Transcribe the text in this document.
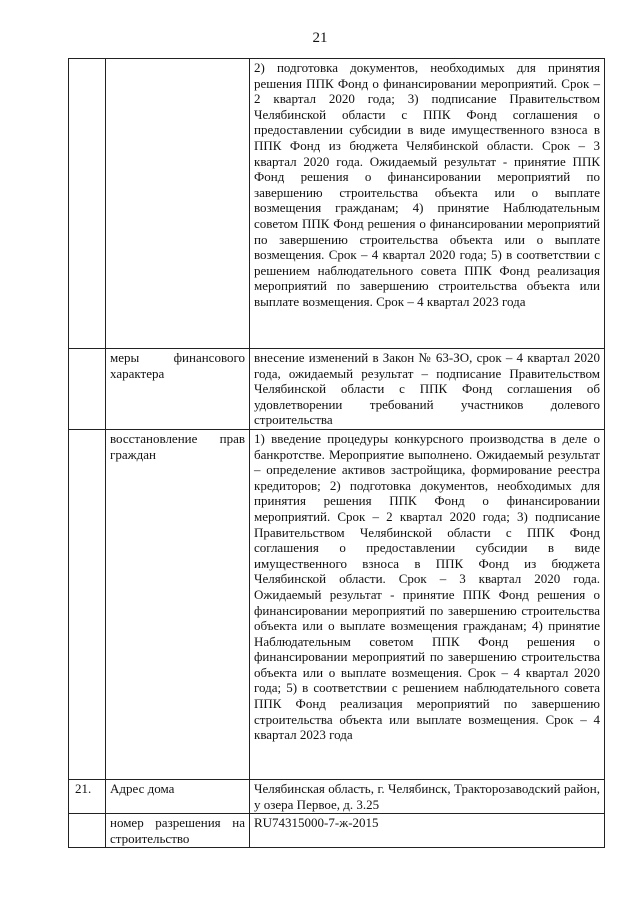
21
		2) подготовка документов, необходимых для принятия решения ППК Фонд о финансировании мероприятий. Срок – 2 квартал 2020 года; 3) подписание Правительством Челябинской области с ППК Фонд соглашения о предоставлении субсидии в виде имущественного взноса в ППК Фонд из бюджета Челябинской области. Срок – 3 квартал 2020 года. Ожидаемый результат - принятие ППК Фонд решения о финансировании мероприятий по завершению строительства объекта или о выплате возмещения гражданам; 4) принятие Наблюдательным советом ППК Фонд решения о финансировании мероприятий по завершению строительства объекта или о выплате возмещения. Срок – 4 квартал 2020 года; 5) в соответствии с решением наблюдательного совета ППК Фонд реализация мероприятий по завершению строительства объекта или выплате возмещения. Срок – 4 квартал 2023 года
	меры финансового характера	внесение изменений в Закон № 63-ЗО, срок – 4 квартал 2020 года, ожидаемый результат – подписание Правительством Челябинской области с ППК Фонд соглашения об удовлетворении требований участников долевого строительства
	восстановление прав граждан	1) введение процедуры конкурсного производства в деле о банкротстве. Мероприятие выполнено. Ожидаемый результат – определение активов застройщика, формирование реестра кредиторов; 2) подготовка документов, необходимых для принятия решения ППК Фонд о финансировании мероприятий. Срок – 2 квартал 2020 года; 3) подписание Правительством Челябинской области с ППК Фонд соглашения о предоставлении субсидии в виде имущественного взноса в ППК Фонд из бюджета Челябинской области. Срок – 3 квартал 2020 года. Ожидаемый результат - принятие ППК Фонд решения о финансировании мероприятий по завершению строительства объекта или о выплате возмещения гражданам; 4) принятие Наблюдательным советом ППК Фонд решения о финансировании мероприятий по завершению строительства объекта или о выплате возмещения. Срок – 4 квартал 2020 года; 5) в соответствии с решением наблюдательного совета ППК Фонд реализация мероприятий по завершению строительства объекта или выплате возмещения. Срок – 4 квартал 2023 года
21.	Адрес дома	Челябинская область, г. Челябинск, Тракторозаводский район, у озера Первое, д. 3.25
	номер разрешения на строительство	RU74315000-7-ж-2015
